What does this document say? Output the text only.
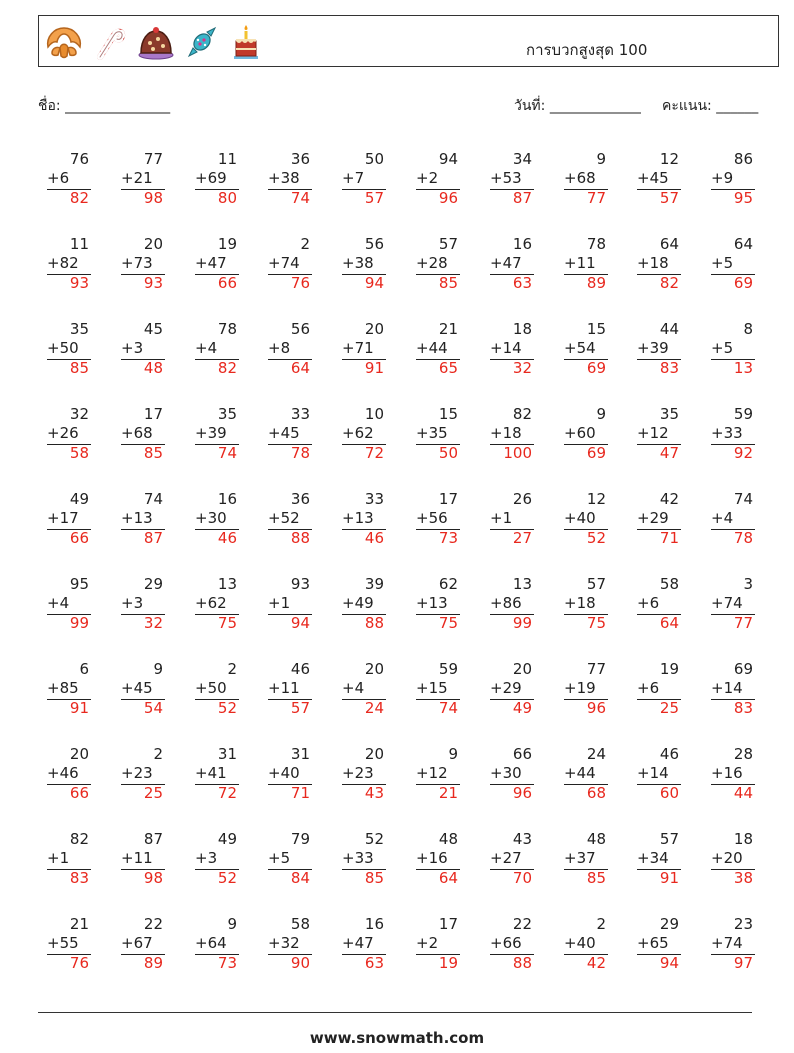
การบวกสูงสุด 100
ชื่อ: _______________	วันที่: _____________ คะแนน: ______
76
+6
82
77
+21
98
11
+69
80
36
+38
74
50
+7
57
94
+2
96
34
+53
87
9
+68
77
12
+45
57
86
+9
95
11
+82
93
20
+73
93
19
+47
66
2
+74
76
56
+38
94
57
+28
85
16
+47
63
78
+11
89
64
+18
82
64
+5
69
35
+50
85
45
+3
48
78
+4
82
56
+8
64
20
+71
91
21
+44
65
18
+14
32
15
+54
69
44
+39
83
8
+5
13
32
+26
58
17
+68
85
35
+39
74
33
+45
78
10
+62
72
15
+35
50
82
+18
100
9
+60
69
35
+12
47
59
+33
92
49
+17
66
74
+13
87
16
+30
46
36
+52
88
33
+13
46
17
+56
73
26
+1
27
12
+40
52
42
+29
71
74
+4
78
95
+4
99
29
+3
32
13
+62
75
93
+1
94
39
+49
88
62
+13
75
13
+86
99
57
+18
75
58
+6
64
3
+74
77
6
+85
91
9
+45
54
2
+50
52
46
+11
57
20
+4
24
59
+15
74
20
+29
49
77
+19
96
19
+6
25
69
+14
83
20
+46
66
2
+23
25
31
+41
72
31
+40
71
20
+23
43
9
+12
21
66
+30
96
24
+44
68
46
+14
60
28
+16
44
82
+1
83
87
+11
98
49
+3
52
79
+5
84
52
+33
85
48
+16
64
43
+27
70
48
+37
85
57
+34
91
18
+20
38
21
+55
76
22
+67
89
9
+64
73
58
+32
90
16
+47
63
17
+2
19
22
+66
88
2
+40
42
29
+65
94
23
+74
97
www.snowmath.com
